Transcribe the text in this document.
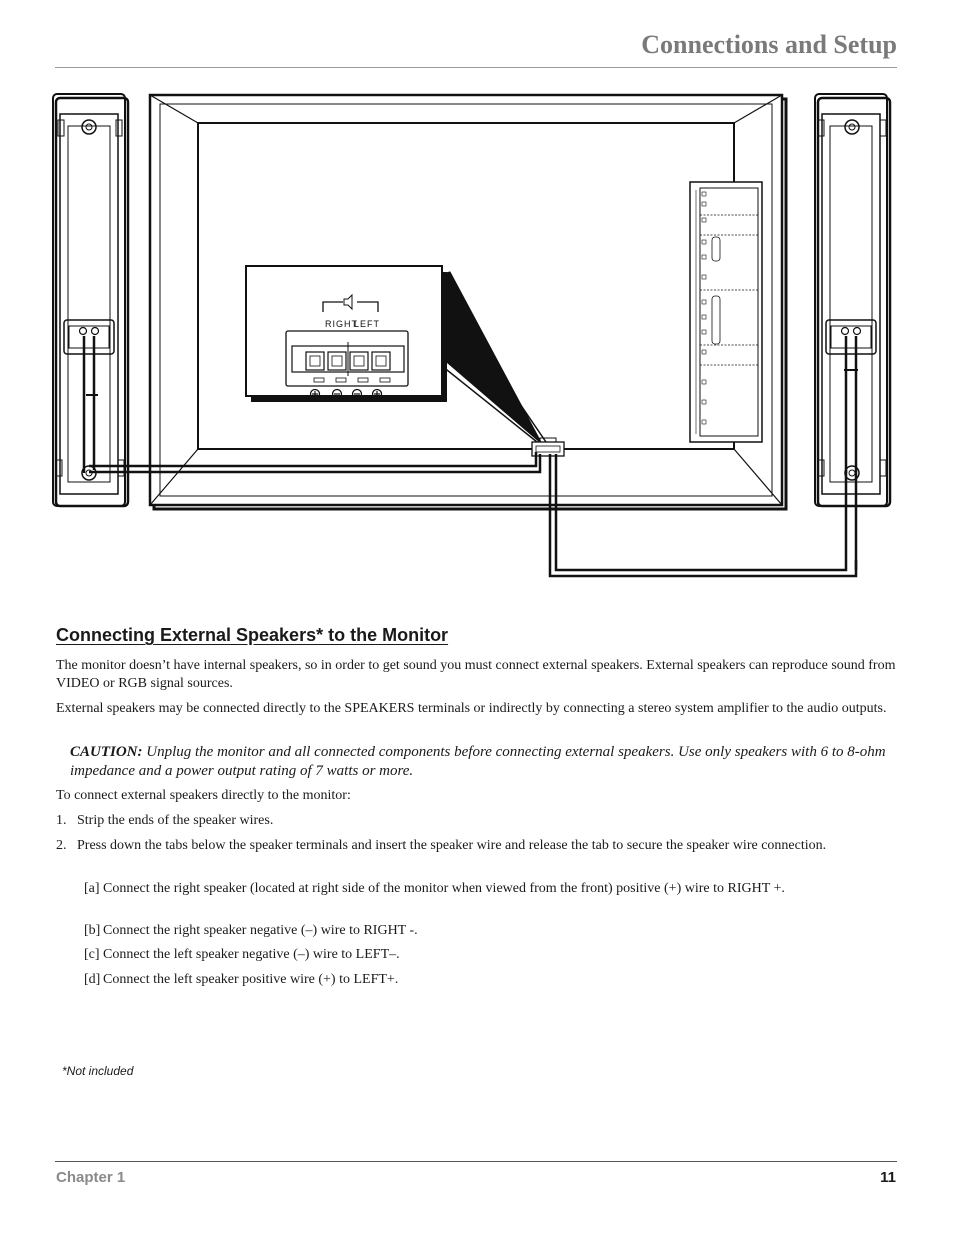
Connections and Setup
RIGHT
LEFT
Connecting External Speakers* to the Monitor

The monitor doesn’t have internal speakers, so in order to get sound you must connect external speakers. External speakers can reproduce sound from VIDEO or RGB signal sources.

External speakers may be connected directly to the SPEAKERS terminals or indirectly by connecting a stereo system amplifier to the audio outputs.

CAUTION: Unplug the monitor and all connected components before connecting external speakers. Use only speakers with 6 to 8-ohm impedance and a power output rating of 7 watts or more.

To connect external speakers directly to the monitor:

1. Strip the ends of the speaker wires.
2. Press down the tabs below the speaker terminals and insert the speaker wire and release the tab to secure the speaker wire connection.
[a] Connect the right speaker (located at right side of the monitor when viewed from the front) positive (+) wire to RIGHT +.
[b] Connect the right speaker negative (–) wire to RIGHT -.
[c] Connect the left speaker negative (–) wire to LEFT–.
[d] Connect the left speaker positive wire (+) to LEFT+.
*Not included
Chapter 1	11
